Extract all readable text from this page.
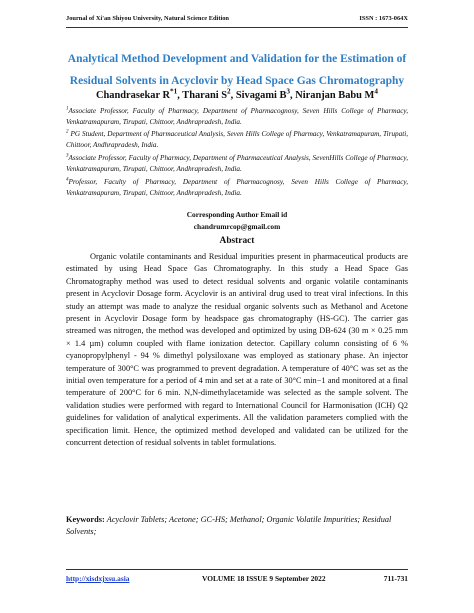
Journal of Xi'an Shiyou University, Natural Science Edition	ISSN : 1673-064X
Analytical Method Development and Validation for the Estimation of
Residual Solvents in Acyclovir by Head Space Gas Chromatography
Chandrasekar $R^{*1}$, Tharani $S^2$, Sivagami $B^3$, Niranjan Babu $M^4$
$^1$Associate Professor, Faculty of Pharmacy, Department of Pharmacognosy, Seven Hills College of Pharmacy, Venkatramapuram, Tirupati, Chittoor, Andhrapradesh, India.
$^2$ PG Student, Department of Pharmaceutical Analysis, Seven Hills College of Pharmacy, Venkatramapuram, Tirupati, Chittoor, Andhrapradesh, India.
$^3$Associate Professor, Faculty of Pharmacy, Department of Pharmaceutical Analysis, SevenHills College of Pharmacy, Venkatramapuram, Tirupati, Chittoor, Andhrapradesh, India.
$^4$Professor, Faculty of Pharmacy, Department of Pharmacognosy, Seven Hills College of Pharmacy, Venkatramapuram, Tirupati, Chittoor, Andhrapradesh, India.
Corresponding Author Email id
chandrumrcop@gmail.com
Abstract
Organic volatile contaminants and Residual impurities present in pharmaceutical products are estimated by using Head Space Gas Chromatography. In this study a Head Space Gas Chromatography method was used to detect residual solvents and organic volatile contaminants present in Acyclovir Dosage form. Acyclovir is an antiviral drug used to treat viral infections. In this study an attempt was made to analyze the residual organic solvents such as Methanol and Acetone present in Acyclovir Dosage form by headspace gas chromatography (HS-GC). The carrier gas streamed was nitrogen, the method was developed and optimized by using DB-624 (30 m × 0.25 mm × 1.4 µm) column coupled with flame ionization detector. Capillary column consisting of 6 % cyanopropylphenyl - 94 % dimethyl polysiloxane was employed as stationary phase. An injector temperature of 300°C was programmed to prevent degradation. A temperature of 40°C was set as the initial oven temperature for a period of 4 min and set at a rate of 30°C min−1 and monitored at a final temperature of 200°C for 6 min. N,N-dimethylacetamide was selected as the sample solvent. The validation studies were performed with regard to International Council for Harmonisation (ICH) Q2 guidelines for validation of analytical experiments. All the validation parameters complied with the specification limit. Hence, the optimized method developed and validated can be utilized for the concurrent detection of residual solvents in tablet formulations.
Keywords: Acyclovir Tablets; Acetone; GC-HS; Methanol; Organic Volatile Impurities; Residual Solvents;
http://xisdxjxsu.asia	VOLUME 18 ISSUE 9 September 2022	711-731
